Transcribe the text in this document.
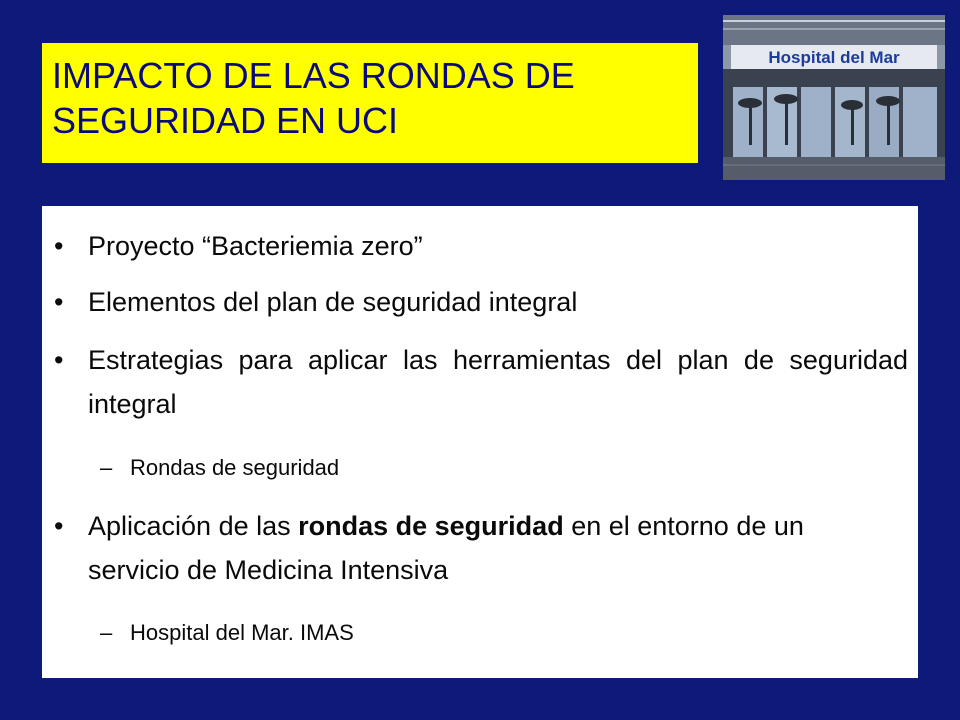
IMPACTO DE LAS RONDAS DE SEGURIDAD EN UCI
Hospital del Mar
• Proyecto “Bacteriemia zero”
• Elementos del plan de seguridad integral
• Estrategias para aplicar las herramientas del plan de seguridad integral
– Rondas de seguridad
• Aplicación de las rondas de seguridad en el entorno de un servicio de Medicina Intensiva
– Hospital del Mar. IMAS
